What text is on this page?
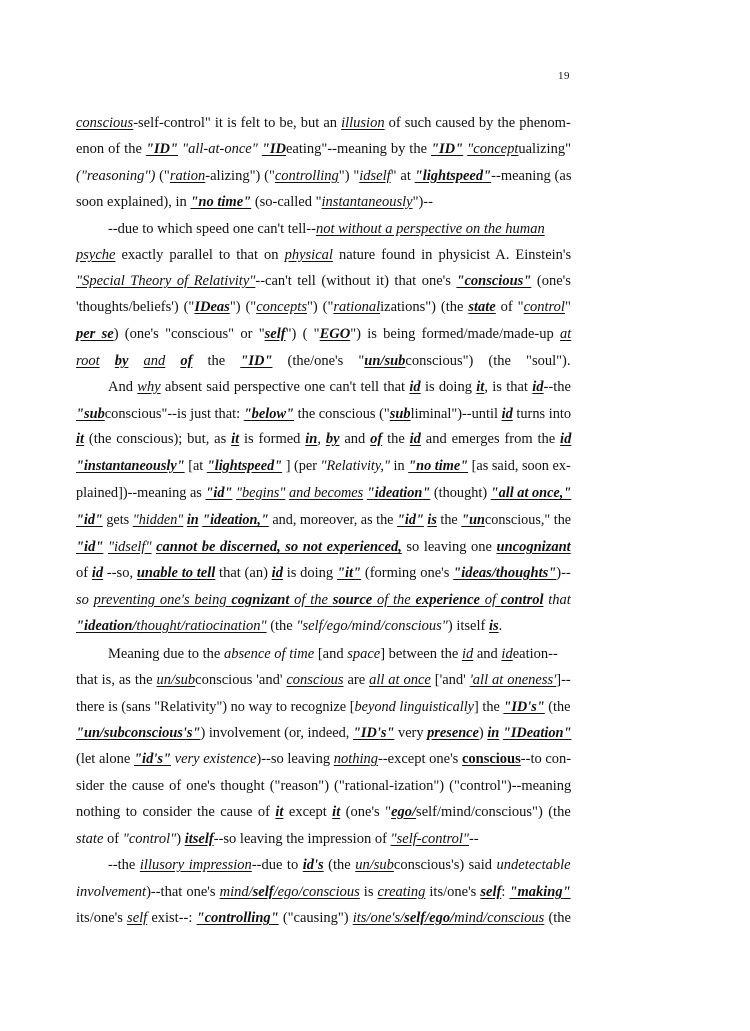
19
conscious-self-control" it is felt to be, but an illusion of such caused by the phenom-
enon of the "ID" "all-at-once" "IDeating"--meaning by the "ID" "conceptualizing"
("reasoning") ("ration-alizing") ("controlling") "idself" at "lightspeed"--meaning (as
soon explained), in "no time" (so-called "instantaneously")--
--due to which speed one can't tell--not without a perspective on the human
psyche exactly parallel to that on physical nature found in physicist A. Einstein's
"Special Theory of Relativity"--can't tell (without it) that one's "conscious" (one's
'thoughts/beliefs') ("IDeas") ("concepts") ("rationalizations") (the state of "control"
per se) (one's "conscious" or "self") ( "EGO") is being formed/made/made-up at
root by and of the "ID" (the/one's "un/subconscious") (the "soul").
And why absent said perspective one can't tell that id is doing it, is that id--the
"subconscious"--is just that: "below" the conscious ("subliminal")--until id turns into
it (the conscious); but, as it is formed in, by and of the id and emerges from the id
"instantaneously" [at "lightspeed" ] (per "Relativity," in "no time" [as said, soon ex-
plained])--meaning as "id" "begins" and becomes "ideation" (thought) "all at once,"
"id" gets "hidden" in "ideation," and, moreover, as the "id" is the "unconscious," the
"id" "idself" cannot be discerned, so not experienced, so leaving one uncognizant
of id --so, unable to tell that (an) id is doing "it" (forming one's "ideas/thoughts")--
so preventing one's being cognizant of the source of the experience of control that
"ideation/thought/ratiocination" (the "self/ego/mind/conscious") itself is.
Meaning due to the absence of time [and space] between the id and ideation--
that is, as the un/subconscious 'and' conscious are all at once ['and' 'all at oneness']--
there is (sans "Relativity") no way to recognize [beyond linguistically] the "ID's" (the
"un/subconscious's") involvement (or, indeed, "ID's" very presence) in "IDeation"
(let alone "id's" very existence)--so leaving nothing--except one's conscious--to con-
sider the cause of one's thought ("reason") ("rational-ization") ("control")--meaning
nothing to consider the cause of it except it (one's "ego/self/mind/conscious") (the
state of "control") itself--so leaving the impression of "self-control"--
--the illusory impression--due to id's (the un/subconscious's) said undetectable
involvement)--that one's mind/self/ego/conscious is creating its/one's self: "making"
its/one's self exist--: "controlling" ("causing") its/one's/self/ego/mind/conscious (the
